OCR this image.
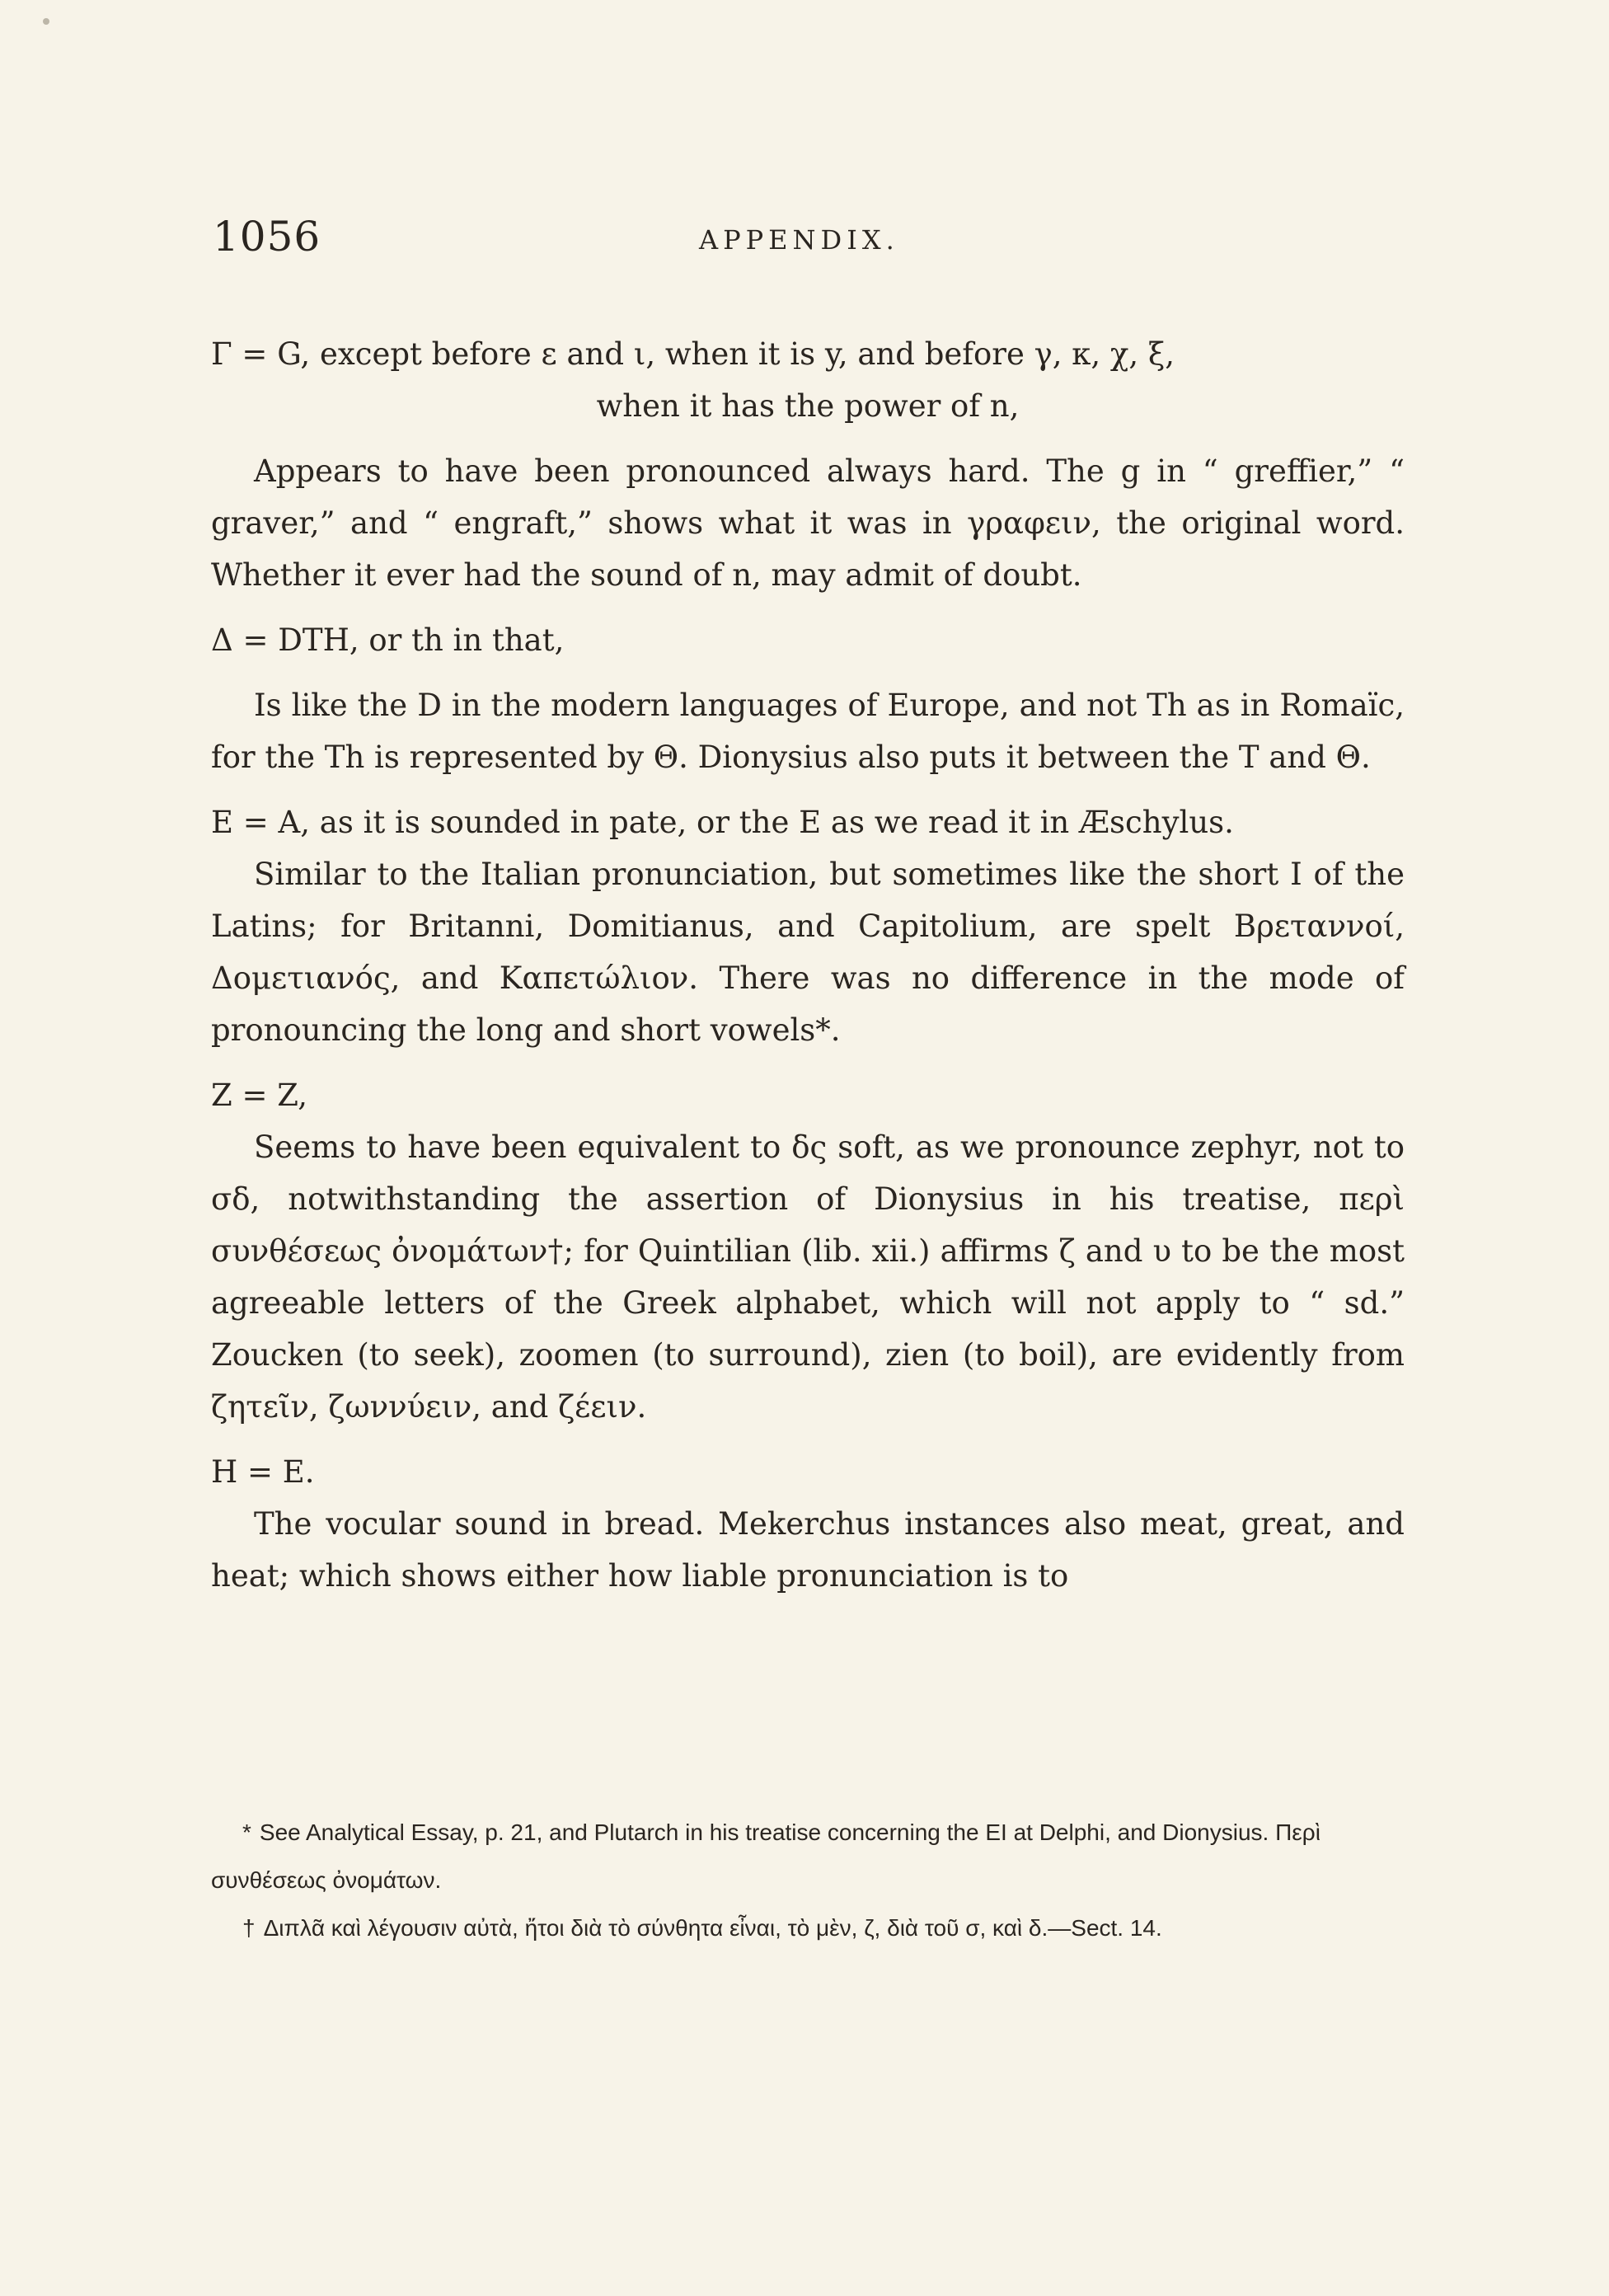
1056	APPENDIX.

Γ = G, except before ε and ι, when it is y, and before γ, κ, χ, ξ,

when it has the power of n,

Appears to have been pronounced always hard. The g in “ greffier,” “ graver,” and “ engraft,” shows what it was in γραφειν, the original word. Whether it ever had the sound of n, may admit of doubt.

Δ = DTH, or th in that,

Is like the D in the modern languages of Europe, and not Th as in Romaïc, for the Th is represented by Θ. Dionysius also puts it between the T and Θ.

E = A, as it is sounded in pate, or the E as we read it in Æschylus.

Similar to the Italian pronunciation, but sometimes like the short I of the Latins; for Britanni, Domitianus, and Capitolium, are spelt Βρεταννοί, Δομετιανός, and Καπετώλιον. There was no difference in the mode of pronouncing the long and short vowels*.

Z = Z,

Seems to have been equivalent to δς soft, as we pronounce zephyr, not to σδ, notwithstanding the assertion of Dionysius in his treatise, περὶ συνθέσεως ὀνομάτων†; for Quintilian (lib. xii.) affirms ζ and υ to be the most agreeable letters of the Greek alphabet, which will not apply to “ sd.” Zoucken (to seek), zoomen (to surround), zien (to boil), are evidently from ζητεῖν, ζωννύειν, and ζέειν.

H = E.

The vocular sound in bread. Mekerchus instances also meat, great, and heat; which shows either how liable pronunciation is to

* See Analytical Essay, p. 21, and Plutarch in his treatise concerning the EI at Delphi, and Dionysius. Περὶ συνθέσεως ὀνομάτων.

† Διπλᾶ καὶ λέγουσιν αὐτὰ, ἤτοι διὰ τὸ σύνθητα εἶναι, τὸ μὲν, ζ, διὰ τοῦ σ, καὶ δ.—Sect. 14.
